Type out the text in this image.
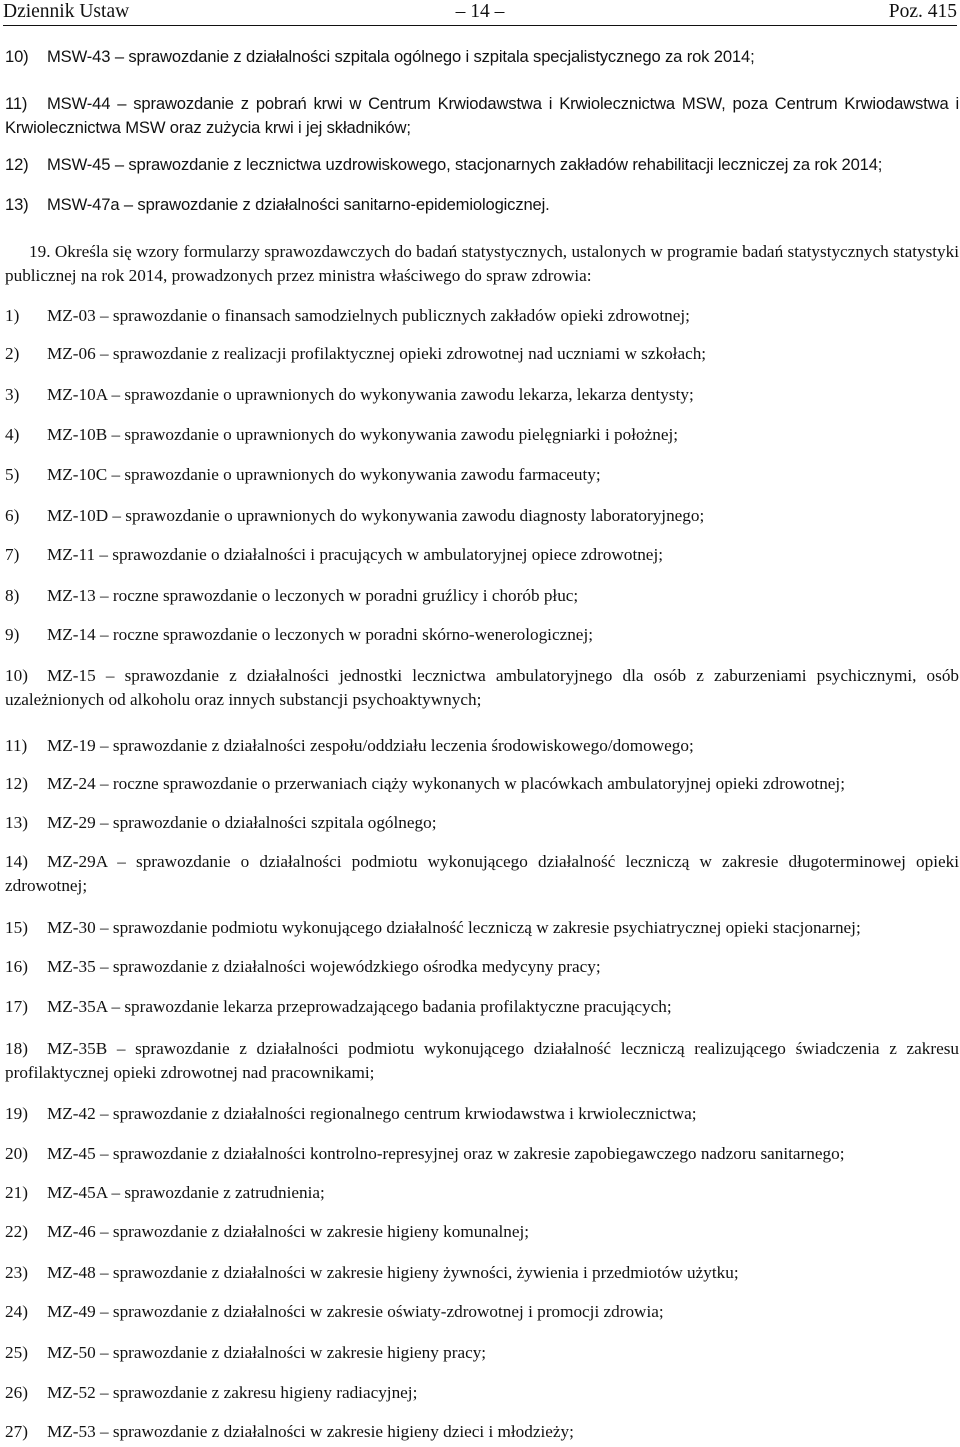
Dziennik Ustaw	– 14 –	Poz. 415
10) MSW-43 – sprawozdanie z działalności szpitala ogólnego i szpitala specjalistycznego za rok 2014;
11) MSW-44 – sprawozdanie z pobrań krwi w Centrum Krwiodawstwa i Krwiolecznictwa MSW, poza Centrum Krwiodawstwa i Krwiolecznictwa MSW oraz zużycia krwi i jej składników;
12) MSW-45 – sprawozdanie z lecznictwa uzdrowiskowego, stacjonarnych zakładów rehabilitacji leczniczej za rok 2014;
13) MSW-47a – sprawozdanie z działalności sanitarno-epidemiologicznej.
19. Określa się wzory formularzy sprawozdawczych do badań statystycznych, ustalonych w programie badań statystycznych statystyki publicznej na rok 2014, prowadzonych przez ministra właściwego do spraw zdrowia:
1) MZ-03 – sprawozdanie o finansach samodzielnych publicznych zakładów opieki zdrowotnej;
2) MZ-06 – sprawozdanie z realizacji profilaktycznej opieki zdrowotnej nad uczniami w szkołach;
3) MZ-10A – sprawozdanie o uprawnionych do wykonywania zawodu lekarza, lekarza dentysty;
4) MZ-10B – sprawozdanie o uprawnionych do wykonywania zawodu pielęgniarki i położnej;
5) MZ-10C – sprawozdanie o uprawnionych do wykonywania zawodu farmaceuty;
6) MZ-10D – sprawozdanie o uprawnionych do wykonywania zawodu diagnosty laboratoryjnego;
7) MZ-11 – sprawozdanie o działalności i pracujących w ambulatoryjnej opiece zdrowotnej;
8) MZ-13 – roczne sprawozdanie o leczonych w poradni gruźlicy i chorób płuc;
9) MZ-14 – roczne sprawozdanie o leczonych w poradni skórno-wenerologicznej;
10) MZ-15 – sprawozdanie z działalności jednostki lecznictwa ambulatoryjnego dla osób z zaburzeniami psychicznymi, osób uzależnionych od alkoholu oraz innych substancji psychoaktywnych;
11) MZ-19 – sprawozdanie z działalności zespołu/oddziału leczenia środowiskowego/domowego;
12) MZ-24 – roczne sprawozdanie o przerwaniach ciąży wykonanych w placówkach ambulatoryjnej opieki zdrowotnej;
13) MZ-29 – sprawozdanie o działalności szpitala ogólnego;
14) MZ-29A – sprawozdanie o działalności podmiotu wykonującego działalność leczniczą w zakresie długoterminowej opieki zdrowotnej;
15) MZ-30 – sprawozdanie podmiotu wykonującego działalność leczniczą w zakresie psychiatrycznej opieki stacjonarnej;
16) MZ-35 – sprawozdanie z działalności wojewódzkiego ośrodka medycyny pracy;
17) MZ-35A – sprawozdanie lekarza przeprowadzającego badania profilaktyczne pracujących;
18) MZ-35B – sprawozdanie z działalności podmiotu wykonującego działalność leczniczą realizującego świadczenia z zakresu profilaktycznej opieki zdrowotnej nad pracownikami;
19) MZ-42 – sprawozdanie z działalności regionalnego centrum krwiodawstwa i krwiolecznictwa;
20) MZ-45 – sprawozdanie z działalności kontrolno-represyjnej oraz w zakresie zapobiegawczego nadzoru sanitarnego;
21) MZ-45A – sprawozdanie z zatrudnienia;
22) MZ-46 – sprawozdanie z działalności w zakresie higieny komunalnej;
23) MZ-48 – sprawozdanie z działalności w zakresie higieny żywności, żywienia i przedmiotów użytku;
24) MZ-49 – sprawozdanie z działalności w zakresie oświaty-zdrowotnej i promocji zdrowia;
25) MZ-50 – sprawozdanie z działalności w zakresie higieny pracy;
26) MZ-52 – sprawozdanie z zakresu higieny radiacyjnej;
27) MZ-53 – sprawozdanie z działalności w zakresie higieny dzieci i młodzieży;
